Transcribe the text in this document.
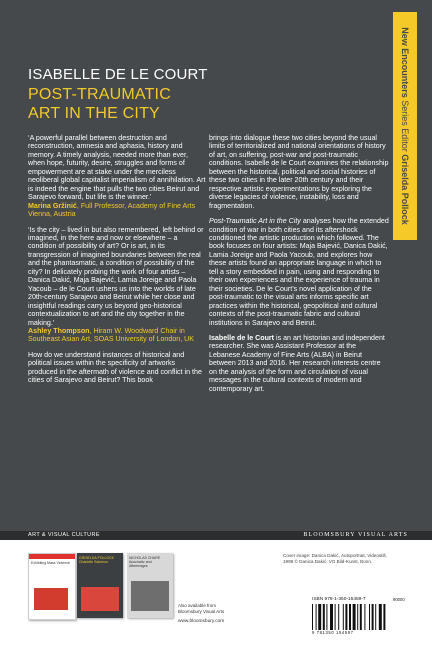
New Encounters Series Editor Griselda Pollock
ISABELLE DE LE COURT
POST-TRAUMATIC
ART IN THE CITY

‘A powerful parallel between destruction and reconstruction, amnesia and aphasia, history and memory. A timely analysis, needed more than ever, when hope, futurity, desire, struggles and forms of empowerment are at stake under the merciless neoliberal global capitalist imperialism of annihilation. Art is indeed the engine that pulls the two cities Beirut and Sarajevo forward, but life is the winner.’
Marina Gržinić, Full Professor, Academy of Fine Arts Vienna, Austria

‘Is the city – lived in but also remembered, left behind or imagined, in the here and now or elsewhere – a condition of possibility of art? Or is art, in its transgression of imagined boundaries between the real and the phantasmatic, a condition of possibility of the city? In delicately probing the work of four artists – Danica Dakić, Maja Bajević, Lamia Joreige and Paola Yacoub – de le Court ushers us into the worlds of late 20th-century Sarajevo and Beirut while her close and insightful readings carry us beyond geo-historical contextualization to art and the city together in the making.’
Ashley Thompson, Hiram W. Woodward Chair in Southeast Asian Art, SOAS University of London, UK

How do we understand instances of historical and political issues within the specificity of artworks produced in the aftermath of violence and conflict in the cities of Sarajevo and Beirut? This book

brings into dialogue these two cities beyond the usual limits of territorialized and national orientations of history of art, on suffering, post-war and post-traumatic conditions. Isabelle de le Court examines the relationship between the historical, political and social histories of these two cities in the later 20th century and their respective artistic experimentations by exploring the diverse legacies of violence, instability, loss and fragmentation.

Post-Traumatic Art in the City analyses how the extended condition of war in both cities and its aftershock conditioned the artistic production which followed. The book focuses on four artists: Maja Bajević, Danica Dakić, Lamia Joreige and Paola Yacoub, and explores how these artists found an appropriate language in which to tell a story embedded in pain, using and responding to their own experiences and the experience of trauma in their societies. De le Court’s novel application of the post-traumatic to the visual arts informs specific art practices within the historical, geopolitical and cultural contexts of the post-traumatic fabric and cultural institutions in Sarajevo and Beirut.

Isabelle de le Court is an art historian and independent researcher. She was Assistant Professor at the Lebanese Academy of Fine Arts (ALBA) in Beirut between 2013 and 2016. Her research interests centre on the analysis of the form and circulation of visual messages in the cultural contexts of modern and contemporary art.

ART & VISUAL CULTURE	BLOOMSBURY VISUAL ARTS
Exhibiting Mass Violence
GRISELDA POLLOCK Charlotte Salomon
NICHOLAS CHARE Auschwitz and Afterimages
Also available from
Bloomsbury Visual Arts
www.bloomsbury.com
Cover image: Danica Dakić, Autoportrait, Videostill,
1999 © Danica Dakić, VG Bild-Kunst, Bonn.
ISBN 978-1-350-15459-7	90000
9 781350 154597
